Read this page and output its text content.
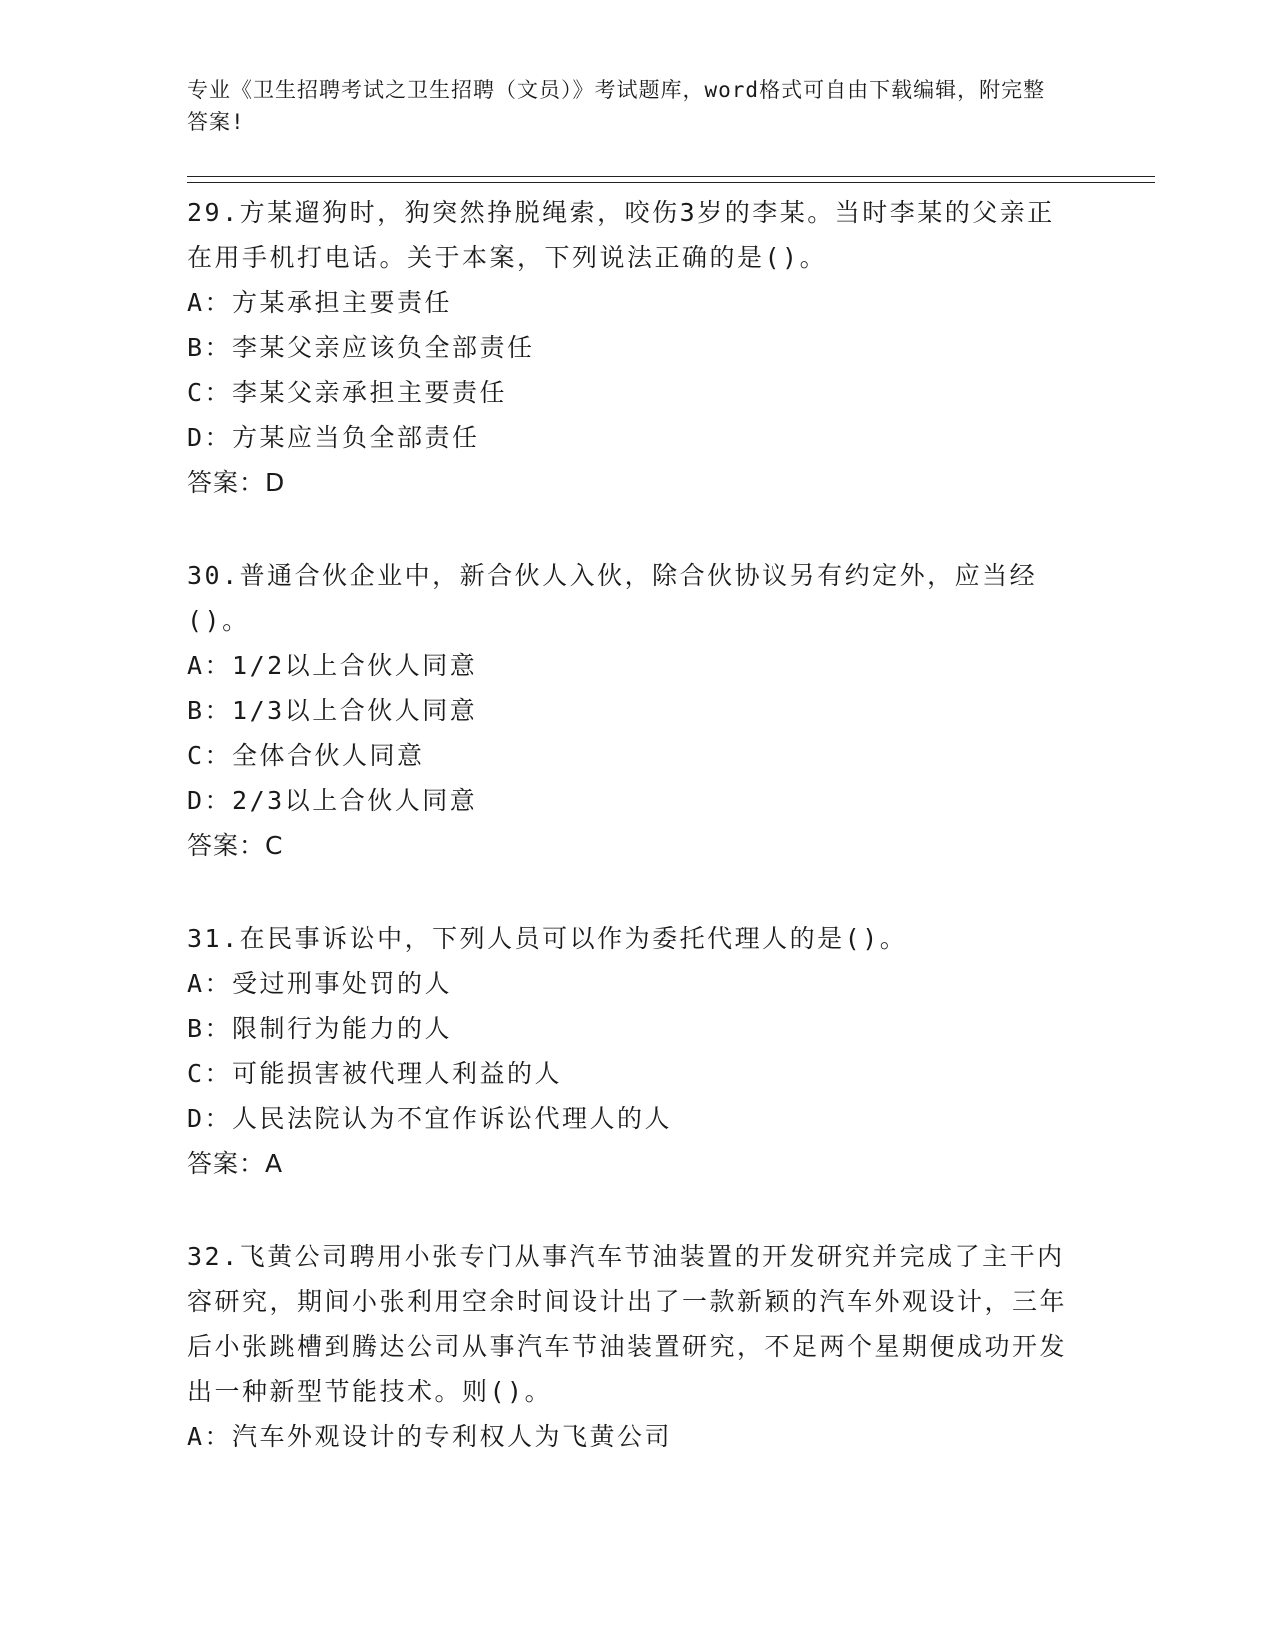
专业《卫生招聘考试之卫生招聘（文员）》考试题库，word格式可自由下载编辑，附完整答案!

29.方某遛狗时，狗突然挣脱绳索，咬伤3岁的李某。当时李某的父亲正在用手机打电话。关于本案，下列说法正确的是()。

A：方某承担主要责任

B：李某父亲应该负全部责任

C：李某父亲承担主要责任

D：方某应当负全部责任

答案：D

30.普通合伙企业中，新合伙人入伙，除合伙协议另有约定外，应当经()。

A：1/2以上合伙人同意

B：1/3以上合伙人同意

C：全体合伙人同意

D：2/3以上合伙人同意

答案：C

31.在民事诉讼中，下列人员可以作为委托代理人的是()。

A：受过刑事处罚的人

B：限制行为能力的人

C：可能损害被代理人利益的人

D：人民法院认为不宜作诉讼代理人的人

答案：A

32.飞黄公司聘用小张专门从事汽车节油装置的开发研究并完成了主干内容研究，期间小张利用空余时间设计出了一款新颖的汽车外观设计，三年后小张跳槽到腾达公司从事汽车节油装置研究，不足两个星期便成功开发出一种新型节能技术。则()。

A：汽车外观设计的专利权人为飞黄公司
